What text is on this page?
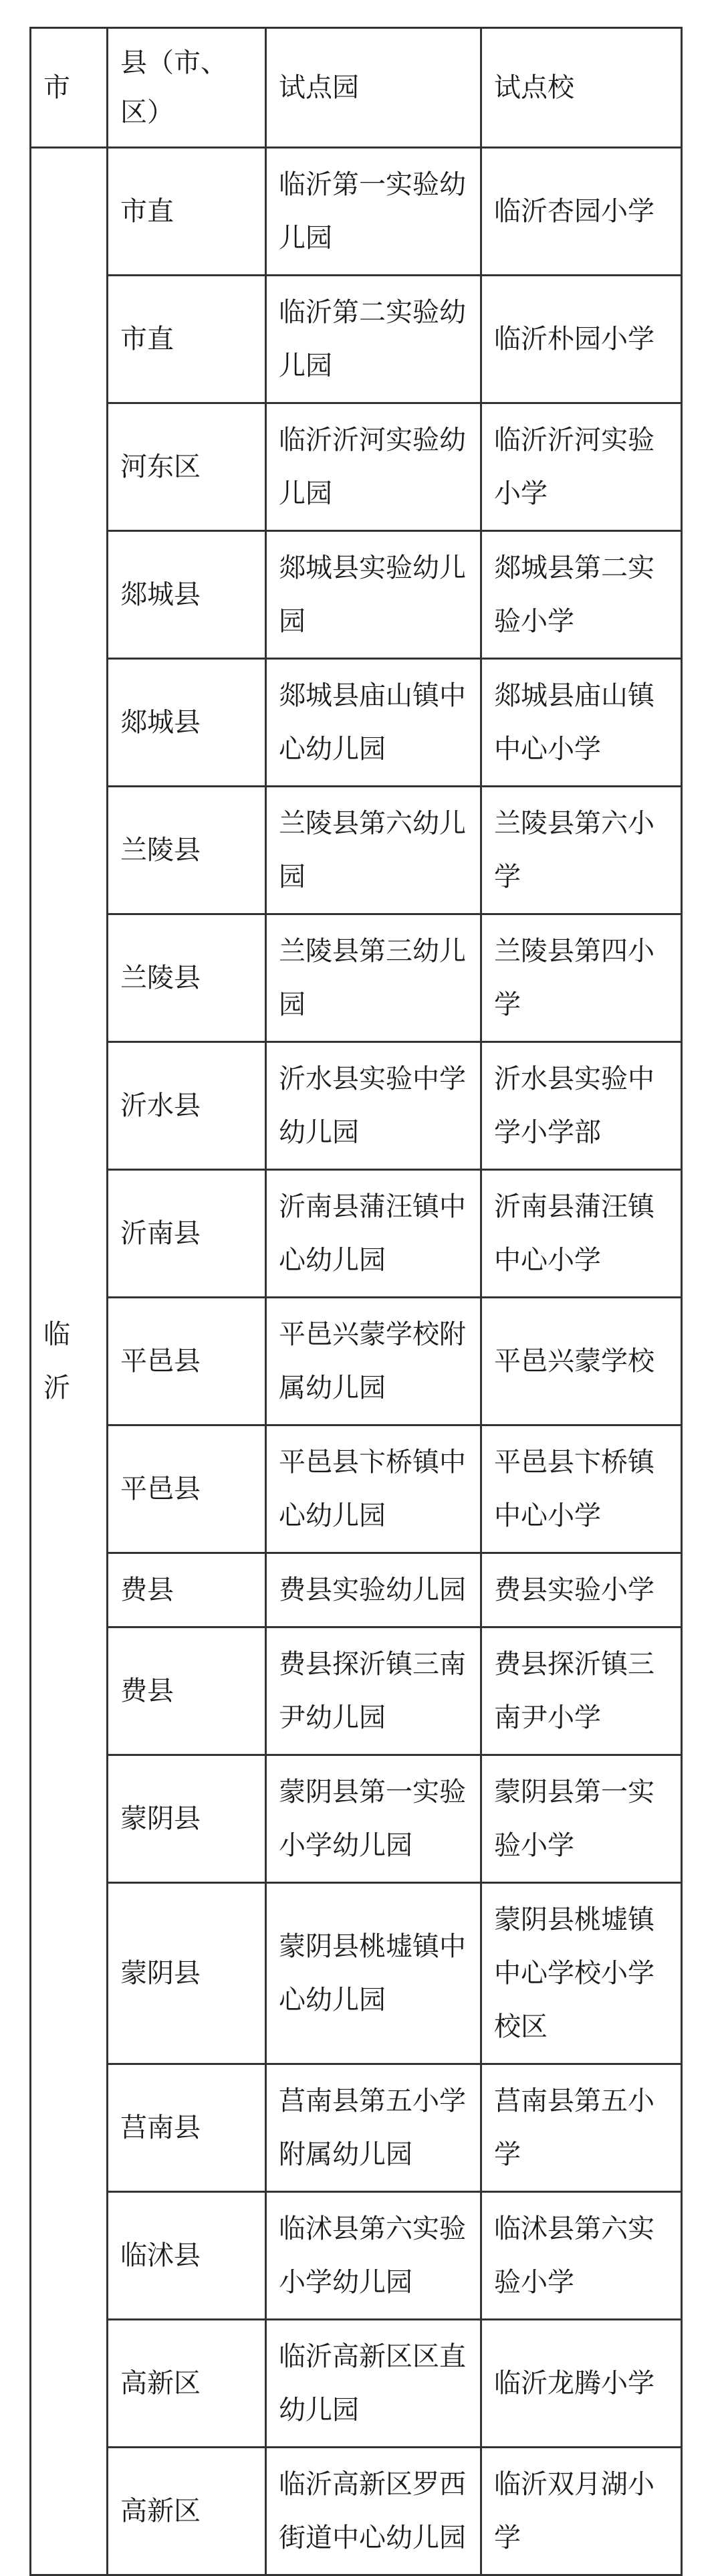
市	县（市、区）	试点园	试点校

临沂	市直	临沂第一实验幼儿园	临沂杏园小学
	市直	临沂第二实验幼儿园	临沂朴园小学
	河东区	临沂沂河实验幼儿园	临沂沂河实验小学
	郯城县	郯城县实验幼儿园	郯城县第二实验小学
	郯城县	郯城县庙山镇中心幼儿园	郯城县庙山镇中心小学
	兰陵县	兰陵县第六幼儿园	兰陵县第六小学
	兰陵县	兰陵县第三幼儿园	兰陵县第四小学
	沂水县	沂水县实验中学幼儿园	沂水县实验中学小学部
	沂南县	沂南县蒲汪镇中心幼儿园	沂南县蒲汪镇中心小学
	平邑县	平邑兴蒙学校附属幼儿园	平邑兴蒙学校
	平邑县	平邑县卞桥镇中心幼儿园	平邑县卞桥镇中心小学
	费县	费县实验幼儿园	费县实验小学
	费县	费县探沂镇三南尹幼儿园	费县探沂镇三南尹小学
	蒙阴县	蒙阴县第一实验小学幼儿园	蒙阴县第一实验小学
	蒙阴县	蒙阴县桃墟镇中心幼儿园	蒙阴县桃墟镇中心学校小学校区
	莒南县	莒南县第五小学附属幼儿园	莒南县第五小学
	临沭县	临沭县第六实验小学幼儿园	临沭县第六实验小学
	高新区	临沂高新区区直幼儿园	临沂龙腾小学
	高新区	临沂高新区罗西街道中心幼儿园	临沂双月湖小学
